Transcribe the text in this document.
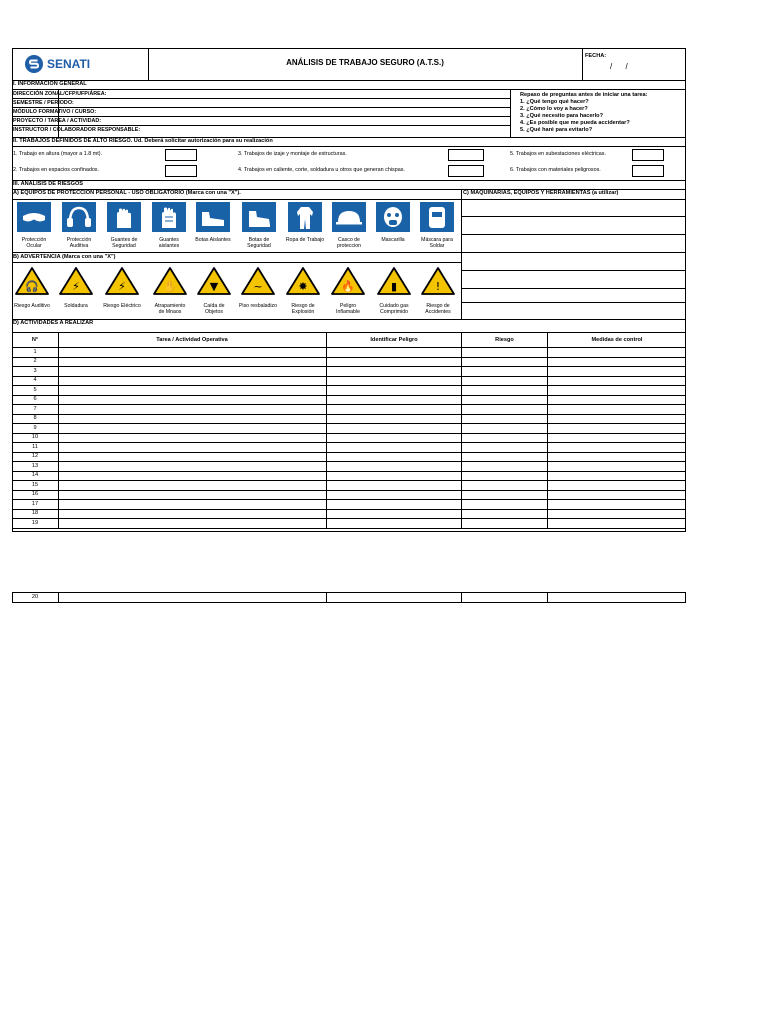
SENATI	ANÁLISIS DE TRABAJO SEGURO (A.T.S.)
FECHA:
/      /
I. INFORMACIÓN GENERAL
DIRECCIÓN ZONAL/CFP/UFP/ÁREA:
SEMESTRE / PERIODO:
MÓDULO FORMATIVO / CURSO:
PROYECTO / TAREA / ACTIVIDAD:
INSTRUCTOR / COLABORADOR RESPONSABLE:
Repaso de preguntas antes de iniciar una tarea:
1. ¿Qué tengo qué hacer?
2. ¿Cómo lo voy a hacer?
3. ¿Qué necesito para hacerlo?
4. ¿Es posible que me pueda accidentar?
5. ¿Qué haré para evitarlo?
II. TRABAJOS DEFINIDOS DE ALTO RIESGO. Ud. Deberá solicitar autorización para su realización
1. Trabajo en altura (mayor a 1.8 mt).	3. Trabajos de izaje y montaje de estructuras.	5. Trabajos en subestaciones eléctricas.
2. Trabajos en espacios confinados.	4. Trabajos en caliente, corte, soldadura u otros que generan chispas.	6. Trabajos con materiales peligrosos.
III. ANÁLISIS DE RIESGOS
A) EQUIPOS DE PROTECCIÓN PERSONAL - USO OBLIGATORIO (Marca con una "X").	C) MAQUINARIAS, EQUIPOS Y HERRAMIENTAS (a utilizar)
Protección
Ocular
Protección
Auditiva
Guantes de
Seguridad
Guantes
aislantes
Botas Aislantes	Botas de
Seguridad
Ropa de Trabajo	Casco de
proteccion
Mascarilla	Máscara para
Soldar
B) ADVERTENCIA (Marca con una "X")
🎧
Riesgo Auditivo
⚡
Soldadura
⚡
Riesgo Eléctrico
✋
Atrapamiento
de Mnaos
▼
Caída de
Objetos
~
Piso resbaladizo
✸
Riesgo de
Explosión
🔥
Peligro
Inflamable
▮
Cuidado gas
Comprimido
!
Riesgo de
Accidentes
D) ACTIVIDADES A REALIZAR
N°	Tarea / Actividad Operativa	Identificar Peligro	Riesgo	Medidas de control
1
2
3
4
5
6
7
8
9
10
11
12
13
14
15
16
17
18
19
20
